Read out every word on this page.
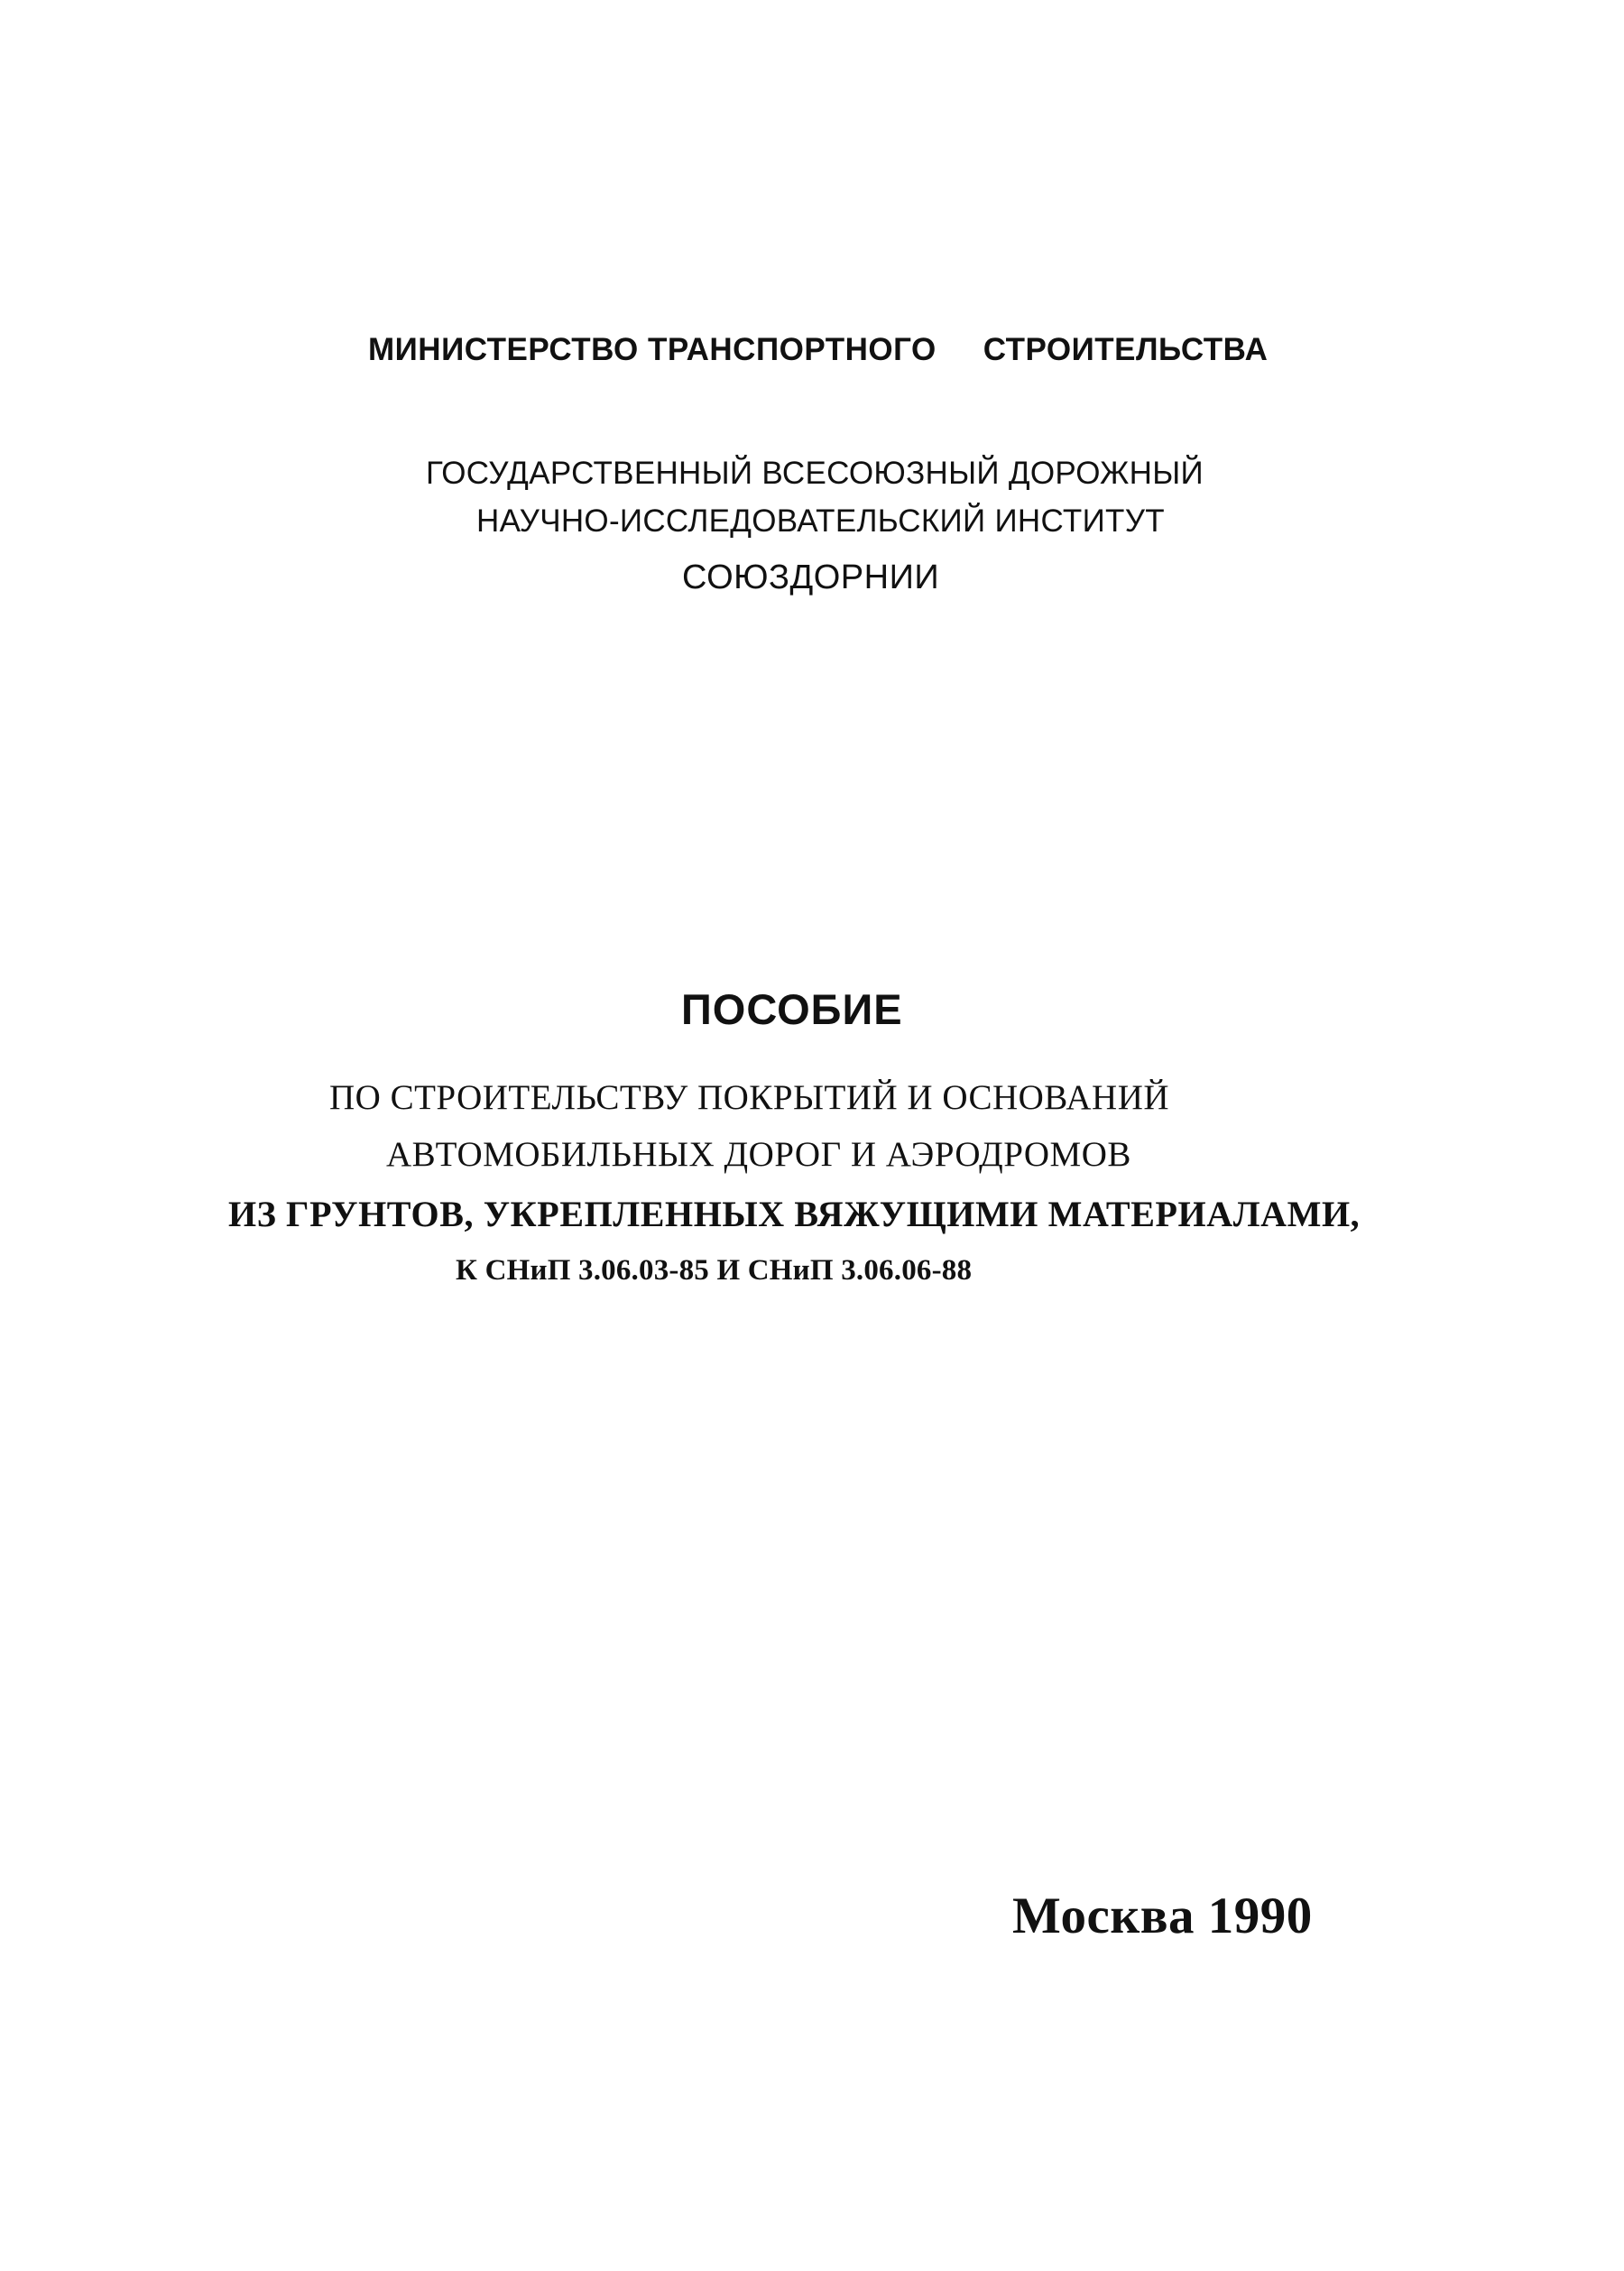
МИНИСТЕРСТВО ТРАНСПОРТНОГО СТРОИТЕЛЬСТВА

ГОСУДАРСТВЕННЫЙ ВСЕСОЮЗНЫЙ ДОРОЖНЫЙ

НАУЧНО-ИССЛЕДОВАТЕЛЬСКИЙ ИНСТИТУТ

СОЮЗДОРНИИ

ПОСОБИЕ

ПО СТРОИТЕЛЬСТВУ ПОКРЫТИЙ И ОСНОВАНИЙ

АВТОМОБИЛЬНЫХ ДОРОГ И АЭРОДРОМОВ

ИЗ ГРУНТОВ, УКРЕПЛЕННЫХ ВЯЖУЩИМИ МАТЕРИАЛАМИ,

К СНиП 3.06.03-85 И СНиП 3.06.06-88

Москва 1990
